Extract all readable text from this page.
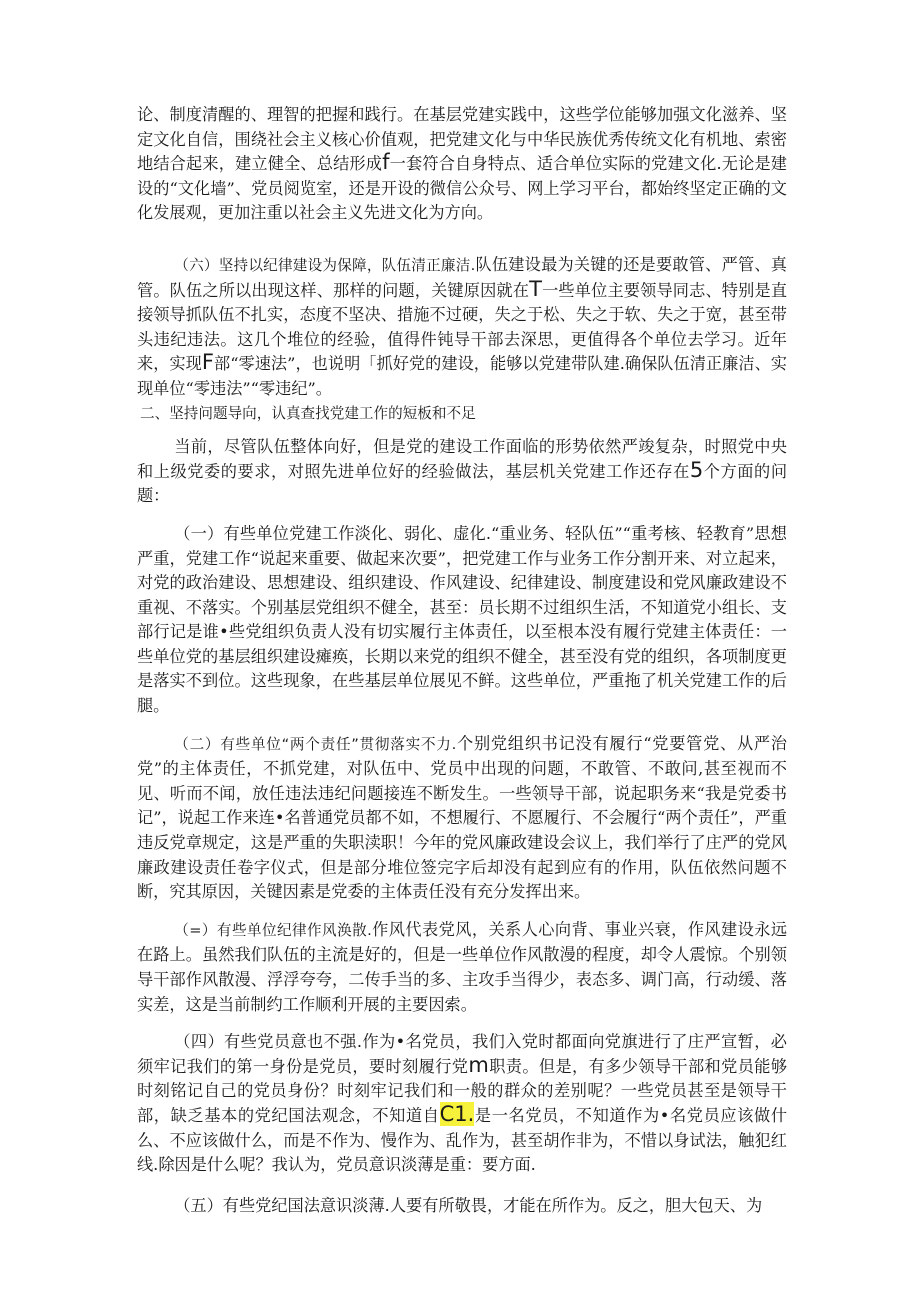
论、制度清醒的、理智的把握和践行。在基层党建实践中，这些学位能够加强文化滋养、坚定文化自信，围绕社会主义核心价值观，把党建文化与中华民族优秀传统文化有机地、索密地结合起来，建立健全、总结形成f一套符合自身特点、适合单位实际的党建文化.无论是建设的“文化墙”、党员阅览室，还是开设的微信公众号、网上学习平台，都始终坚定正确的文化发展观，更加注重以社会主义先进文化为方向。

（六）坚持以纪律建设为保障，队伍清正廉洁.队伍建设最为关键的还是要敢管、严管、真管。队伍之所以出现这样、那样的问题，关键原因就在T一些单位主要领导同志、特别是直接领导抓队伍不扎实，态度不坚决、措施不过硬，失之于松、失之于软、失之于宽，甚至带头违纪违法。这几个堆位的经验，值得件钝导干部去深思，更值得各个单位去学习。近年来，实现F部“零速法”，也说明「抓好党的建设，能够以党建带队建.确保队伍清正廉洁、实现单位“零违法”“零违纪”。

二、坚持问题导向，认真查找党建工作的短板和不足

当前，尽管队伍整体向好，但是党的建设工作面临的形势依然严竣复杂，时照党中央和上级党委的要求，对照先进单位好的经验做法，基层机关党建工作还存在5个方面的问题：

（一）有些单位党建工作淡化、弱化、虚化.“重业务、轻队伍”“重考核、轻教育”思想严重，党建工作“说起来重要、做起来次要”，把党建工作与业务工作分割开来、对立起来，对党的政治建设、思想建设、组织建设、作风建设、纪律建设、制度建设和党风廉政建设不重视、不落实。个别基层党组织不健全，甚至：员长期不过组织生活，不知道党小组长、支部行记是谁•些党组织负责人没有切实履行主体责任，以至根本没有履行党建主体责任：一些单位党的基层组织建设瘫痪，长期以来党的组织不健全，甚至没有党的组织，各项制度更是落实不到位。这些现象，在些基层单位展见不鲜。这些单位，严重拖了机关党建工作的后腿。

（二）有些单位“两个责任”贯彻落实不力.个别党组织书记没有履行“党要管党、从严治党”的主体责任，不抓党建，对队伍中、党员中出现的问题，不敢管、不敢问,甚至视而不见、听而不闻，放任违法违纪问题接连不断发生。一些领导干部，说起职务来“我是党委书记”，说起工作来连•名普通党员都不如，不想履行、不愿履行、不会履行“两个责任”，严重违反党章规定，这是严重的失职渎职！今年的党风廉政建设会议上，我们举行了庄严的党风廉政建设责任卷字仪式，但是部分堆位签完字后却没有起到应有的作用，队伍依然问题不断，究其原因，关键因素是党委的主体责任没有充分发挥出来。

（=）有些单位纪律作风涣散.作风代表党风，关系人心向背、事业兴衰，作风建设永远在路上。虽然我们队伍的主流是好的，但是一些单位作风散漫的程度，却令人震惊。个别领导干部作风散漫、浮浮夸夸，二传手当的多、主攻手当得少，表态多、调门高，行动缓、落实差，这是当前制约工作顺利开展的主要因索。

（四）有些党员意也不强.作为•名党员，我们入党时都面向党旗进行了庄严宣暂，必须牢记我们的第一身份是党员，要时刻履行党m职责。但是，有多少领导干部和党员能够时刻铭记自己的党员身份？时刻牢记我们和一般的群众的差别呢？一些党员甚至是领导干部，缺乏基本的党纪国法观念，不知道自C1.是一名党员，不知道作为•名党员应该做什么、不应该做什么，而是不作为、慢作为、乱作为，甚至胡作非为，不惜以身试法，触犯红线.除因是什么呢？我认为，党员意识淡薄是重：要方面.

（五）有些党纪国法意识淡薄.人要有所敬畏，才能在所作为。反之，胆大包天、为
